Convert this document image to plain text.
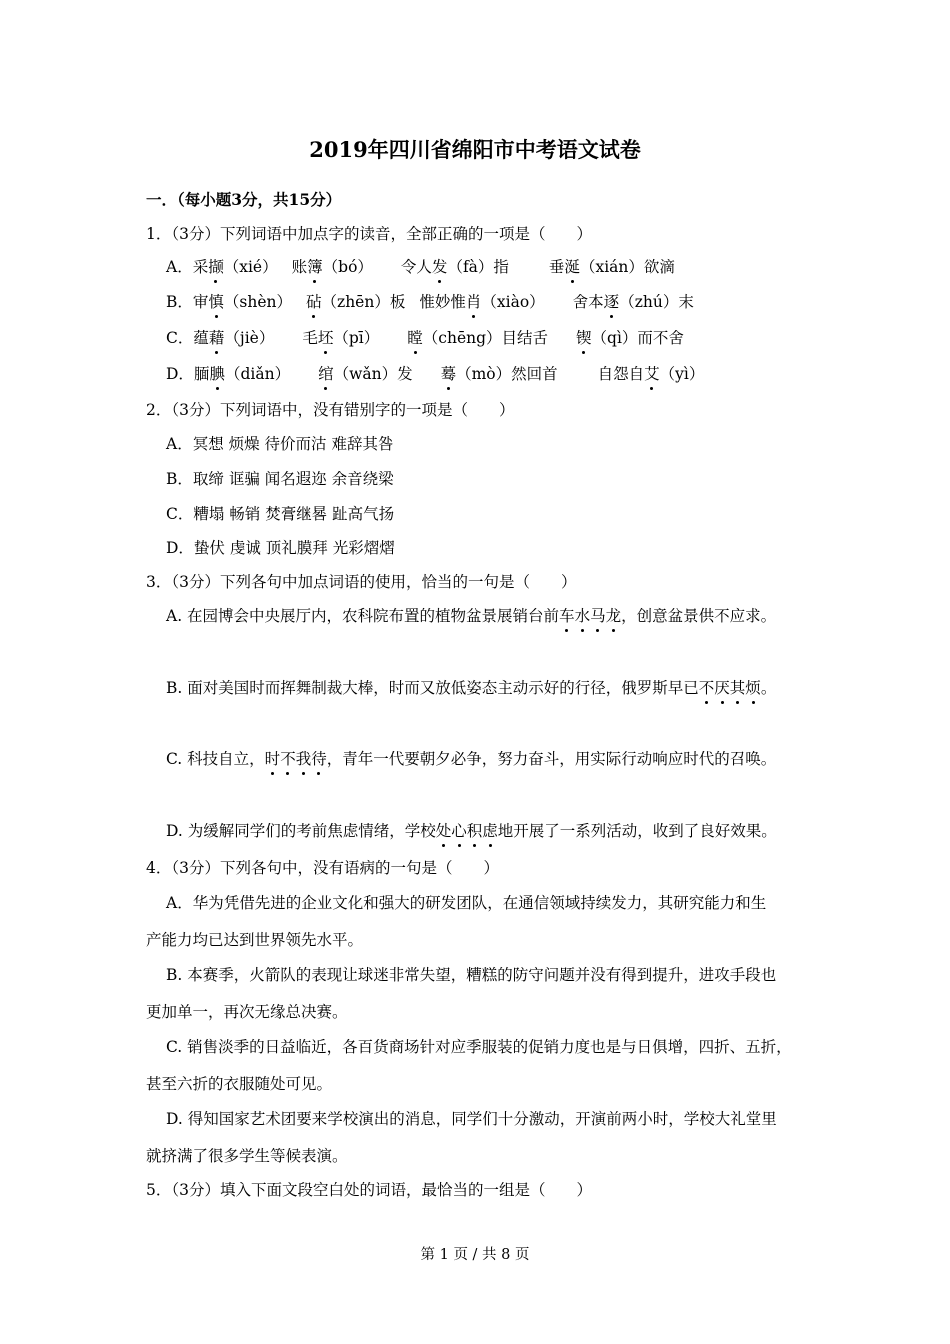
2019年四川省绵阳市中考语文试卷
一．（每小题3分，共15分）
1．（3分）下列词语中加点字的读音，全部正确的一项是（　　）
A．采撷（xié） 账簿（bó） 令人发（fà）指	垂涎（xián）欲滴
B．审慎（shèn） 砧（zhēn）板 惟妙惟肖（xiào） 舍本逐（zhú）末
C．蕴藉（jiè） 毛坯（pī） 瞠（chēng）目结舌 锲（qì）而不舍
D．腼腆（diǎn） 绾（wǎn）发 蓦（mò）然回首	自怨自艾（yì）
2．（3分）下列词语中，没有错别字的一项是（　　）
A．冥想 烦燥 待价而沽 难辞其咎
B．取缔 诓骗 闻名遐迩 余音绕梁
C．糟塌 畅销 焚膏继晷 趾高气扬
D．蛰伏 虔诚 顶礼膜拜 光彩熠熠
3．（3分）下列各句中加点词语的使用，恰当的一句是（　　）
A. 在园博会中央展厅内，农科院布置的植物盆景展销台前车水马龙，创意盆景供不应求。
B. 面对美国时而挥舞制裁大棒，时而又放低姿态主动示好的行径，俄罗斯早已不厌其烦。
C. 科技自立，时不我待，青年一代要朝夕必争，努力奋斗，用实际行动响应时代的召唤。
D. 为缓解同学们的考前焦虑情绪，学校处心积虑地开展了一系列活动，收到了良好效果。
4．（3分）下列各句中，没有语病的一句是（　　）
A．华为凭借先进的企业文化和强大的研发团队，在通信领域持续发力，其研究能力和生
产能力均已达到世界领先水平。
B. 本赛季，火箭队的表现让球迷非常失望，糟糕的防守问题并没有得到提升，进攻手段也
更加单一，再次无缘总决赛。
C. 销售淡季的日益临近，各百货商场针对应季服装的促销力度也是与日俱增，四折、五折，
甚至六折的衣服随处可见。
D. 得知国家艺术团要来学校演出的消息，同学们十分激动，开演前两小时，学校大礼堂里
就挤满了很多学生等候表演。
5．（3分）填入下面文段空白处的词语，最恰当的一组是（　　）
第 1 页 / 共 8 页
